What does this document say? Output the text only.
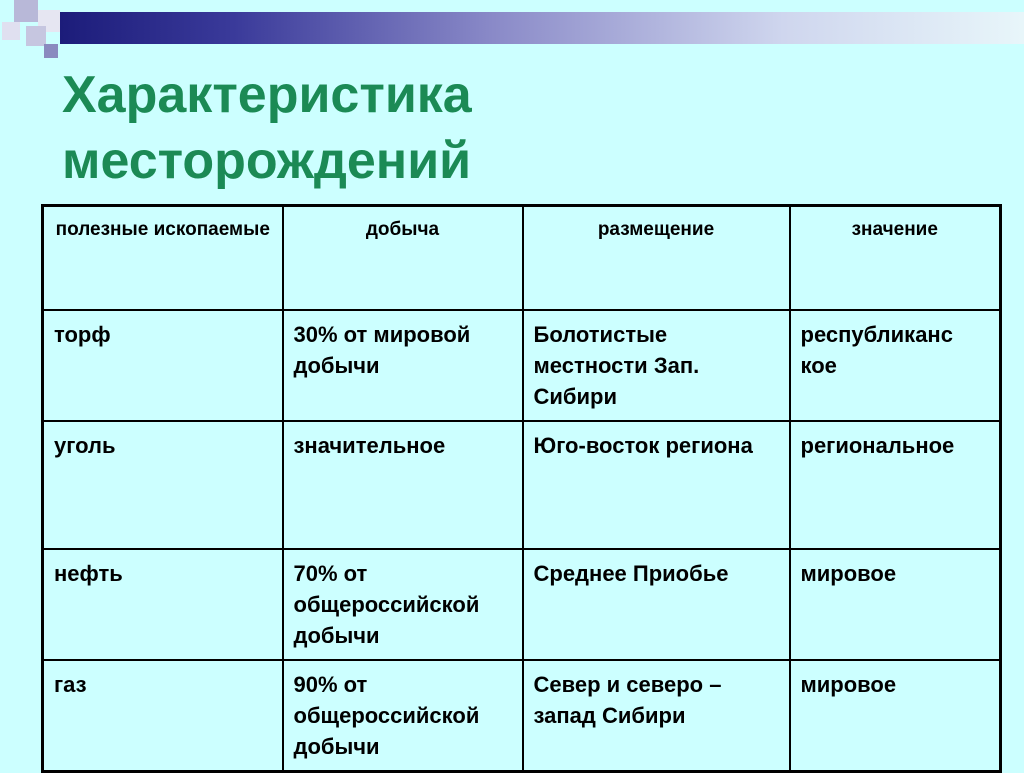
Характеристика
месторождений
полезные ископаемые	добыча	размещение	значение
торф	30% от мировой добычи	Болотистые местности Зап. Сибири	республиканс кое
уголь	значительное	Юго-восток региона	региональное
нефть	70% от общероссийской добычи	Среднее Приобье	мировое
газ	90% от общероссийской добычи	Север и северо – запад Сибири	мировое
